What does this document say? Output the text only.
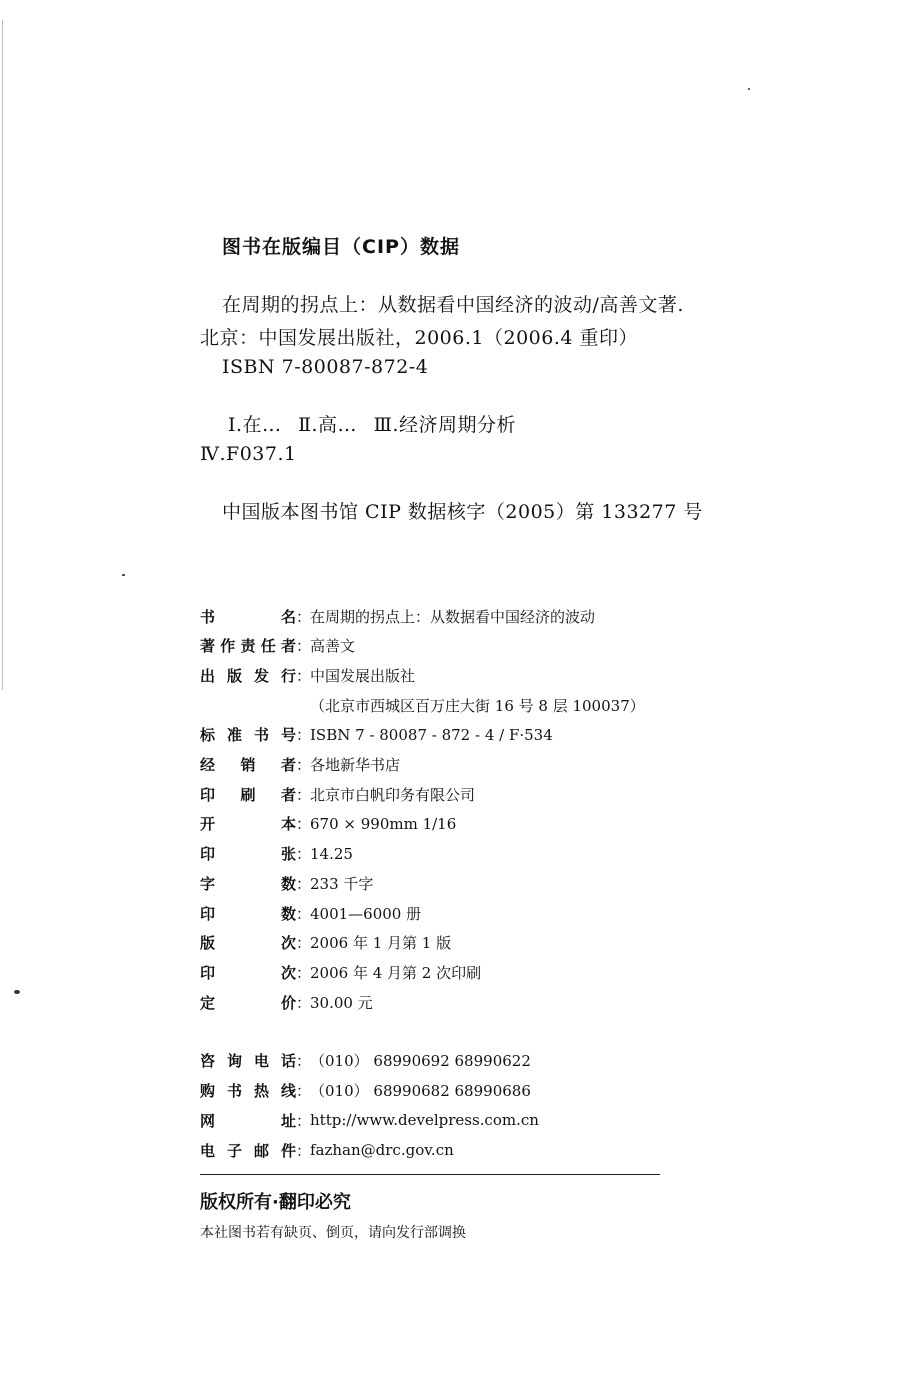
图书在版编目（CIP）数据
在周期的拐点上：从数据看中国经济的波动/高善文著.
北京：中国发展出版社，2006.1（2006.4 重印）
ISBN 7-80087-872-4
Ⅰ.在… Ⅱ.高… Ⅲ.经济周期分析
Ⅳ.F037.1
中国版本图书馆 CIP 数据核字（2005）第 133277 号
书	名 ：
在周期的拐点上：从数据看中国经济的波动
著 作 责 任 者 ：
高善文
出 版 发 行 ：
中国发展出版社
（北京市西城区百万庄大街 16 号 8 层 100037）
标 准 书 号 ：
ISBN 7 - 80087 - 872 - 4 / F·534
经 销 者 ：
各地新华书店
印 刷 者 ：
北京市白帆印务有限公司
开	本 ：
670 × 990mm 1/16
印	张 ：
14.25
字	数 ：
233 千字
印	数 ：
4001—6000 册
版	次 ：
2006 年 1 月第 1 版
印	次 ：
2006 年 4 月第 2 次印刷
定	价 ：
30.00 元
咨 询 电 话 ：
（010） 68990692 68990622
购 书 热 线 ：
（010） 68990682 68990686
网	址 ：
http://www.develpress.com.cn
电 子 邮 件 ：
fazhan@drc.gov.cn
版权所有·翻印必究
本社图书若有缺页、倒页，请向发行部调换
